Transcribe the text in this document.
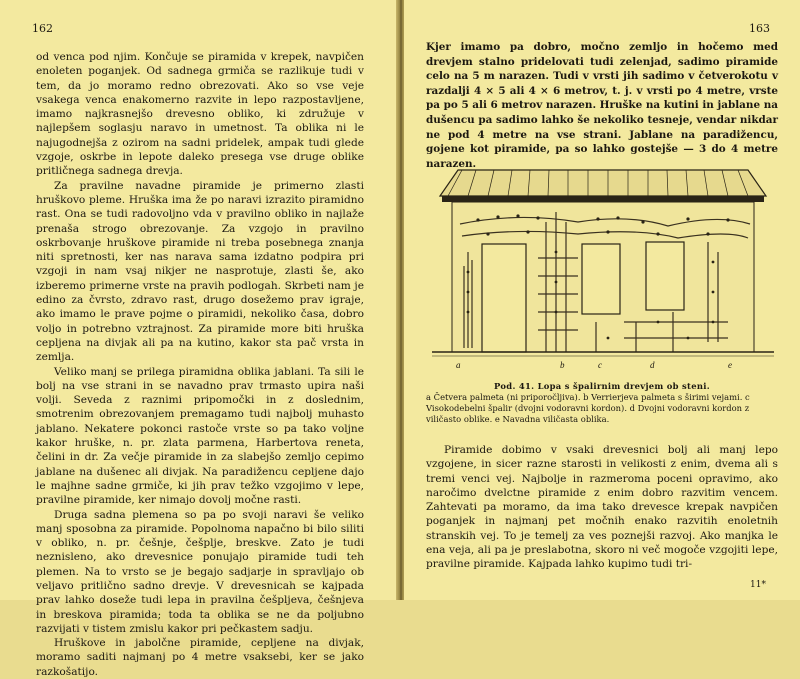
162

od venca pod njim. Končuje se piramida v krepek, navpičen enoleten poganjek. Od sadnega grmiča se razlikuje tudi v tem, da jo moramo redno obrezovati. Ako so vse veje vsakega venca enakomerno razvite in lepo razpostavljene, imamo najkrasnejšo drevesno obliko, ki združuje v najlepšem soglasju naravo in umetnost. Ta oblika ni le najugodnejša z ozirom na sadni pridelek, ampak tudi glede vzgoje, oskrbe in lepote daleko presega vse druge oblike pritličnega sadnega drevja.

Za pravilne navadne piramide je primerno zlasti hruškovo pleme. Hruška ima že po naravi izrazito piramidno rast. Ona se tudi radovoljno vda v pravilno obliko in najlaže prenaša strogo obrezovanje. Za vzgojo in pravilno oskrbovanje hruškove piramide ni treba posebnega znanja niti spretnosti, ker nas narava sama izdatno podpira pri vzgoji in nam vsaj nikjer ne nasprotuje, zlasti še, ako izberemo primerne vrste na pravih podlogah. Skrbeti nam je edino za čvrsto, zdravo rast, drugo dosežemo prav igraje, ako imamo le prave pojme o piramidi, nekoliko časa, dobro voljo in potrebno vztrajnost. Za piramide more biti hruška cepljena na divjak ali pa na kutino, kakor sta pač vrsta in zemlja.

Veliko manj se prilega piramidna oblika jablani. Ta sili le bolj na vse strani in se navadno prav trmasto upira naši volji. Seveda z raznimi pripomočki in z doslednim, smotrenim obrezovanjem premagamo tudi najbolj muhasto jablano. Nekatere pokonci rastoče vrste so pa tako voljne kakor hruške, n. pr. zlata parmena, Harbertova reneta, čelini in dr. Za večje piramide in za slabejšo zemljo cepimo jablane na dušenec ali divjak. Na paradižencu cepljene dajo le majhne sadne grmiče, ki jih prav težko vzgojimo v lepe, pravilne piramide, ker nimajo dovolj močne rasti.

Druga sadna plemena so pa po svoji naravi še veliko manj sposobna za piramide. Popolnoma napačno bi bilo siliti v obliko, n. pr. češnje, češplje, breskve. Zato je tudi neznisleno, ako drevesnice ponujajo piramide tudi teh plemen. Na to vrsto se je begajo sadjarje in spravljajo ob veljavo pritlično sadno drevje. V drevesnicah se kajpada prav lahko doseže tudi lepa in pravilna češpljeva, češnjeva in breskova piramida; toda ta oblika se ne da poljubno razvijati v tistem zmislu kakor pri pečkastem sadju.

Hruškove in jabolčne piramide, cepljene na divjak, moramo saditi najmanj po 4 metre vsaksebi, ker se jako razkošatijo.

163

Kjer imamo pa dobro, močno zemljo in hočemo med drevjem stalno pridelovati tudi zelenjad, sadimo piramide celo na 5 m narazen. Tudi v vrsti jih sadimo v četverokotu v razdalji 4 × 5 ali 4 × 6 metrov, t. j. v vrsti po 4 metre, vrste pa po 5 ali 6 metrov narazen. Hruške na kutini in jablane na dušencu pa sadimo lahko še nekoliko tesneje, vendar nikdar ne pod 4 metre na vse strani. Jablane na paradižencu, gojene kot piramide, pa so lahko gostejše — 3 do 4 metre narazen.

a	b	c	d	e
Pod. 41. Lopa s špalirnim drevjem ob steni.
a Četvera palmeta (ni priporočljiva). b Verrierjeva palmeta s širimi vejami. c Visokodebelni špalir (dvojni vodoravni kordon). d Dvojni vodoravni kordon z viličasto oblike. e Navadna viličasta oblika.

Piramide dobimo v vsaki drevesnici bolj ali manj lepo vzgojene, in sicer razne starosti in velikosti z enim, dvema ali s tremi venci vej. Najbolje in razmeroma poceni opravimo, ako naročimo dvelctne piramide z enim dobro razvitim vencem. Zahtevati pa moramo, da ima tako drevesce krepak navpičen poganjek in najmanj pet močnih enako razvitih enoletnih stranskih vej. To je temelj za ves poznejši razvoj. Ako manjka le ena veja, ali pa je preslabotna, skoro ni več mogoče vzgojiti lepe, pravilne piramide. Kajpada lahko kupimo tudi tri-

11*
